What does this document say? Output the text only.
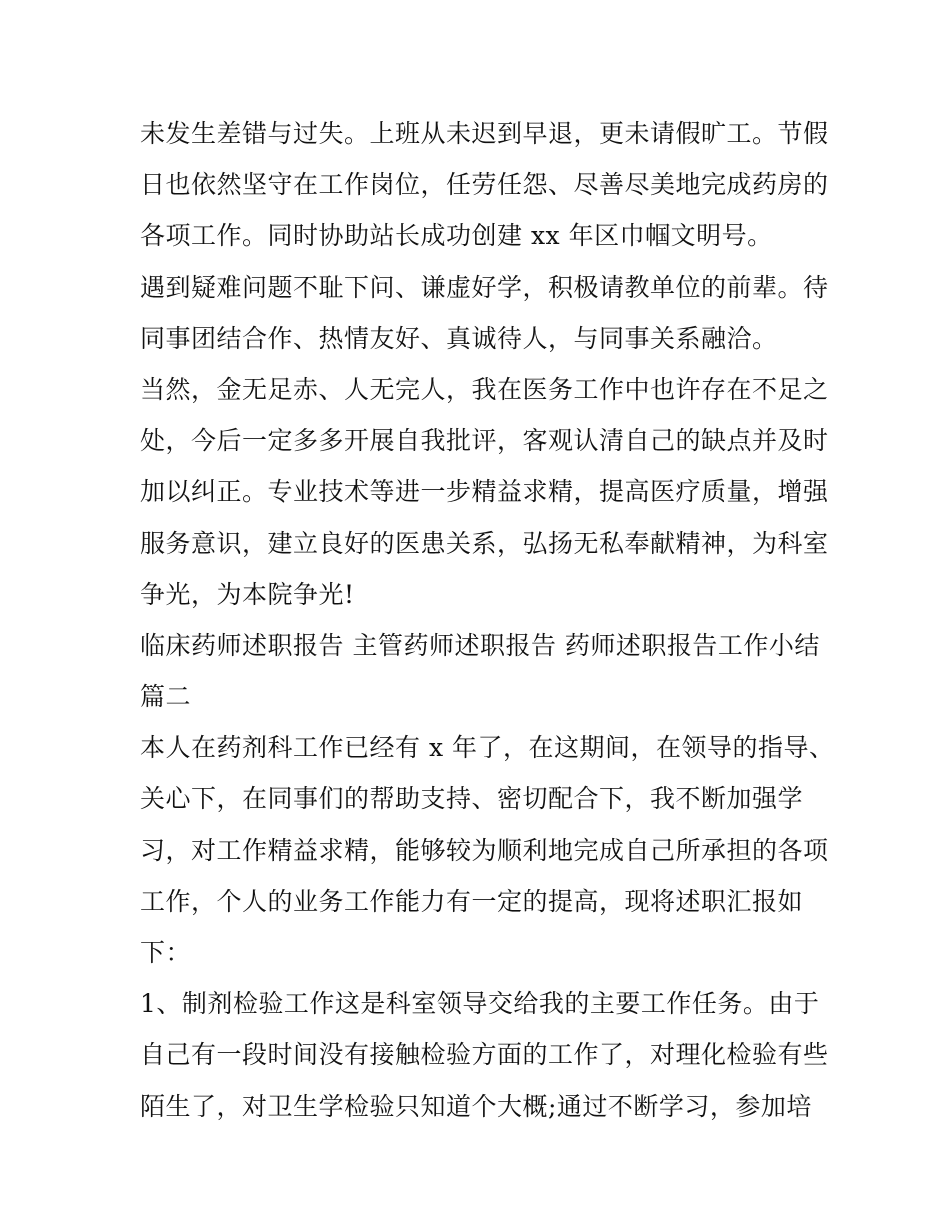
未发生差错与过失。上班从未迟到早退，更未请假旷工。节假
日也依然坚守在工作岗位，任劳任怨、尽善尽美地完成药房的
各项工作。同时协助站长成功创建 xx 年区巾帼文明号。
遇到疑难问题不耻下问、谦虚好学，积极请教单位的前辈。待
同事团结合作、热情友好、真诚待人，与同事关系融洽。
当然，金无足赤、人无完人，我在医务工作中也许存在不足之
处，今后一定多多开展自我批评，客观认清自己的缺点并及时
加以纠正。专业技术等进一步精益求精，提高医疗质量，增强
服务意识，建立良好的医患关系，弘扬无私奉献精神，为科室
争光，为本院争光!
临床药师述职报告 主管药师述职报告 药师述职报告工作小结
篇二
本人在药剂科工作已经有 x 年了，在这期间，在领导的指导、
关心下，在同事们的帮助支持、密切配合下，我不断加强学
习，对工作精益求精，能够较为顺利地完成自己所承担的各项
工作，个人的业务工作能力有一定的提高，现将述职汇报如
下：
1、制剂检验工作这是科室领导交给我的主要工作任务。由于
自己有一段时间没有接触检验方面的工作了，对理化检验有些
陌生了，对卫生学检验只知道个大概;通过不断学习，参加培
